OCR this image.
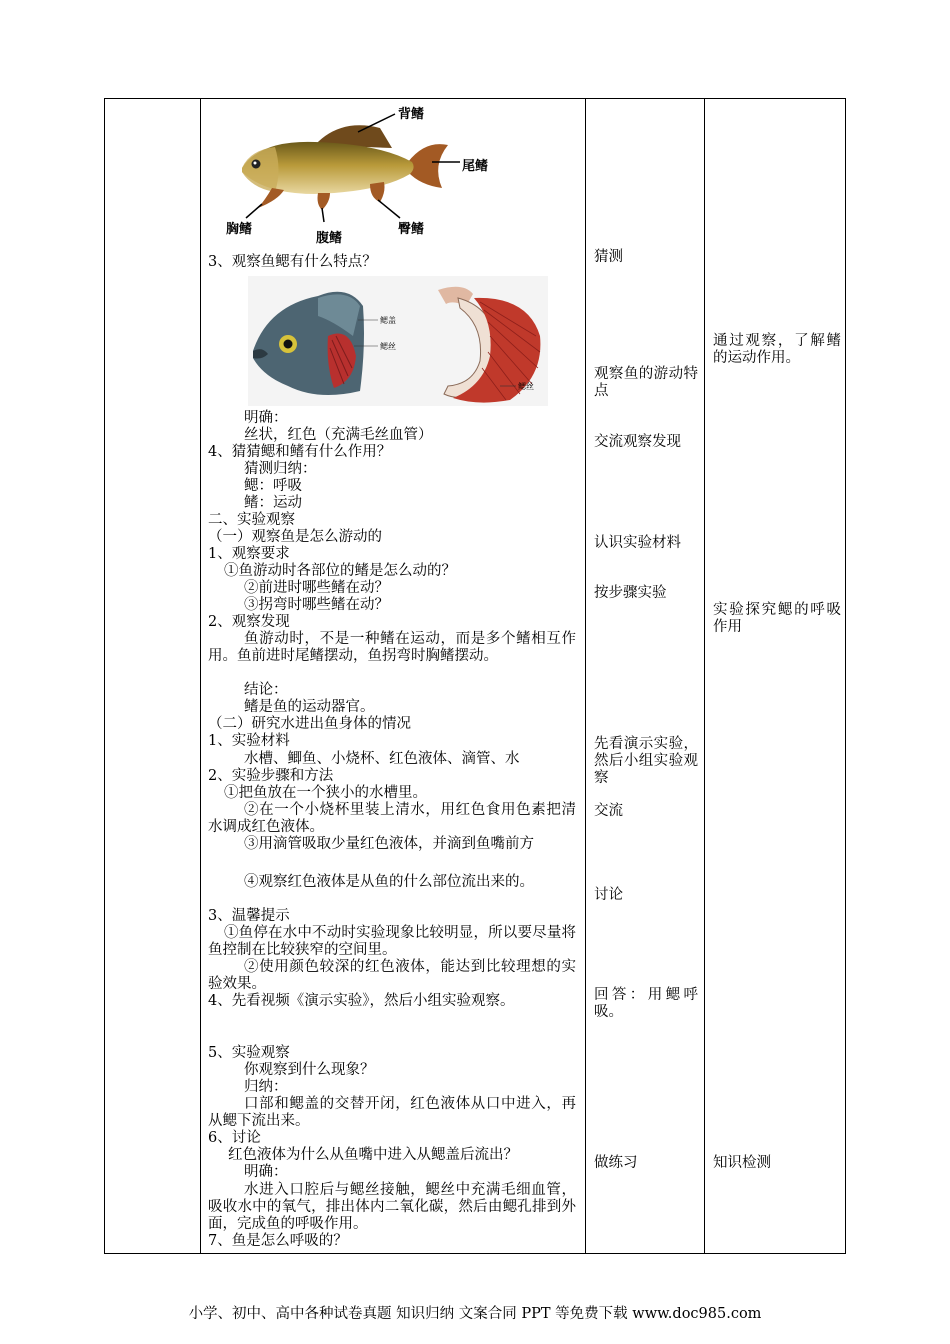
背鳍
尾鳍
胸鳍
腹鳍
臀鳍
3、观察鱼鳃有什么特点？
鳃盖
鳃丝
鳃丝
明确：
丝状，红色（充满毛丝血管）
4、猜猜鳃和鳍有什么作用？
猜测归纳：
鳃：呼吸
鳍：运动
二、实验观察
（一）观察鱼是怎么游动的
1、观察要求
①鱼游动时各部位的鳍是怎么动的？
②前进时哪些鳍在动？
③拐弯时哪些鳍在动？
2、观察发现
鱼游动时，不是一种鳍在运动，而是多个鳍相互作用。鱼前进时尾鳍摆动，鱼拐弯时胸鳍摆动。
结论：
鳍是鱼的运动器官。
（二）研究水进出鱼身体的情况
1、实验材料
水槽、鲫鱼、小烧杯、红色液体、滴管、水
2、实验步骤和方法
①把鱼放在一个狭小的水槽里。
②在一个小烧杯里装上清水，用红色食用色素把清水调成红色液体。
③用滴管吸取少量红色液体，并滴到鱼嘴前方
④观察红色液体是从鱼的什么部位流出来的。
3、温馨提示
①鱼停在水中不动时实验现象比较明显，所以要尽量将鱼控制在比较狭窄的空间里。
②使用颜色较深的红色液体，能达到比较理想的实验效果。
4、先看视频《演示实验》，然后小组实验观察。
5、实验观察
你观察到什么现象？
归纳：
口部和鳃盖的交替开闭，红色液体从口中进入，再从鳃下流出来。
6、讨论
红色液体为什么从鱼嘴中进入从鳃盖后流出？
明确：
水进入口腔后与鳃丝接触，鳃丝中充满毛细血管，吸收水中的氧气，排出体内二氧化碳，然后由鳃孔排到外面，完成鱼的呼吸作用。
7、鱼是怎么呼吸的？
猜测
观察鱼的游动特点
交流观察发现
认识实验材料
按步骤实验
先看演示实验，然后小组实验观察
交流
讨论
回答：用鳃呼吸。
做练习
通过观察，了解鳍的运动作用。
实验探究鳃的呼吸作用
知识检测
小学、初中、高中各种试卷真题 知识归纳 文案合同 PPT 等免费下载 www.doc985.com
